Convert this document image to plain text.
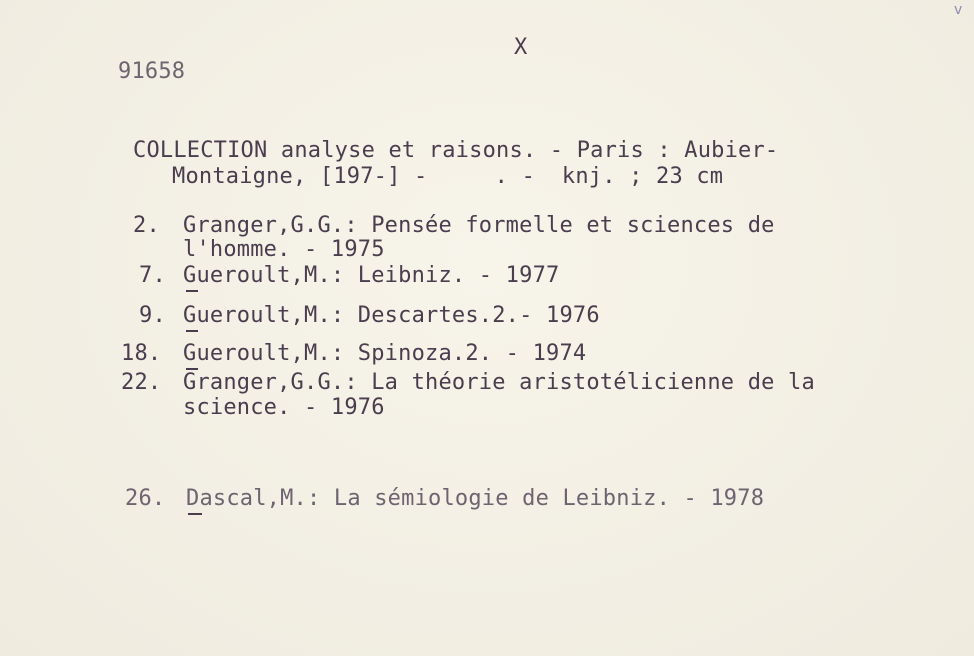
v
91658
X
COLLECTION analyse et raisons. - Paris : Aubier-
Montaigne, [197-] -     . -  knj. ; 23 cm
2. Granger,G.G.: Pensée formelle et sciences de
l'homme. - 1975
7. Gueroult,M.: Leibniz. - 1977
9. Gueroult,M.: Descartes.2.- 1976
18. Gueroult,M.: Spinoza.2. - 1974
22. Granger,G.G.: La théorie aristotélicienne de la
science. - 1976
26. Dascal,M.: La sémiologie de Leibniz. - 1978
